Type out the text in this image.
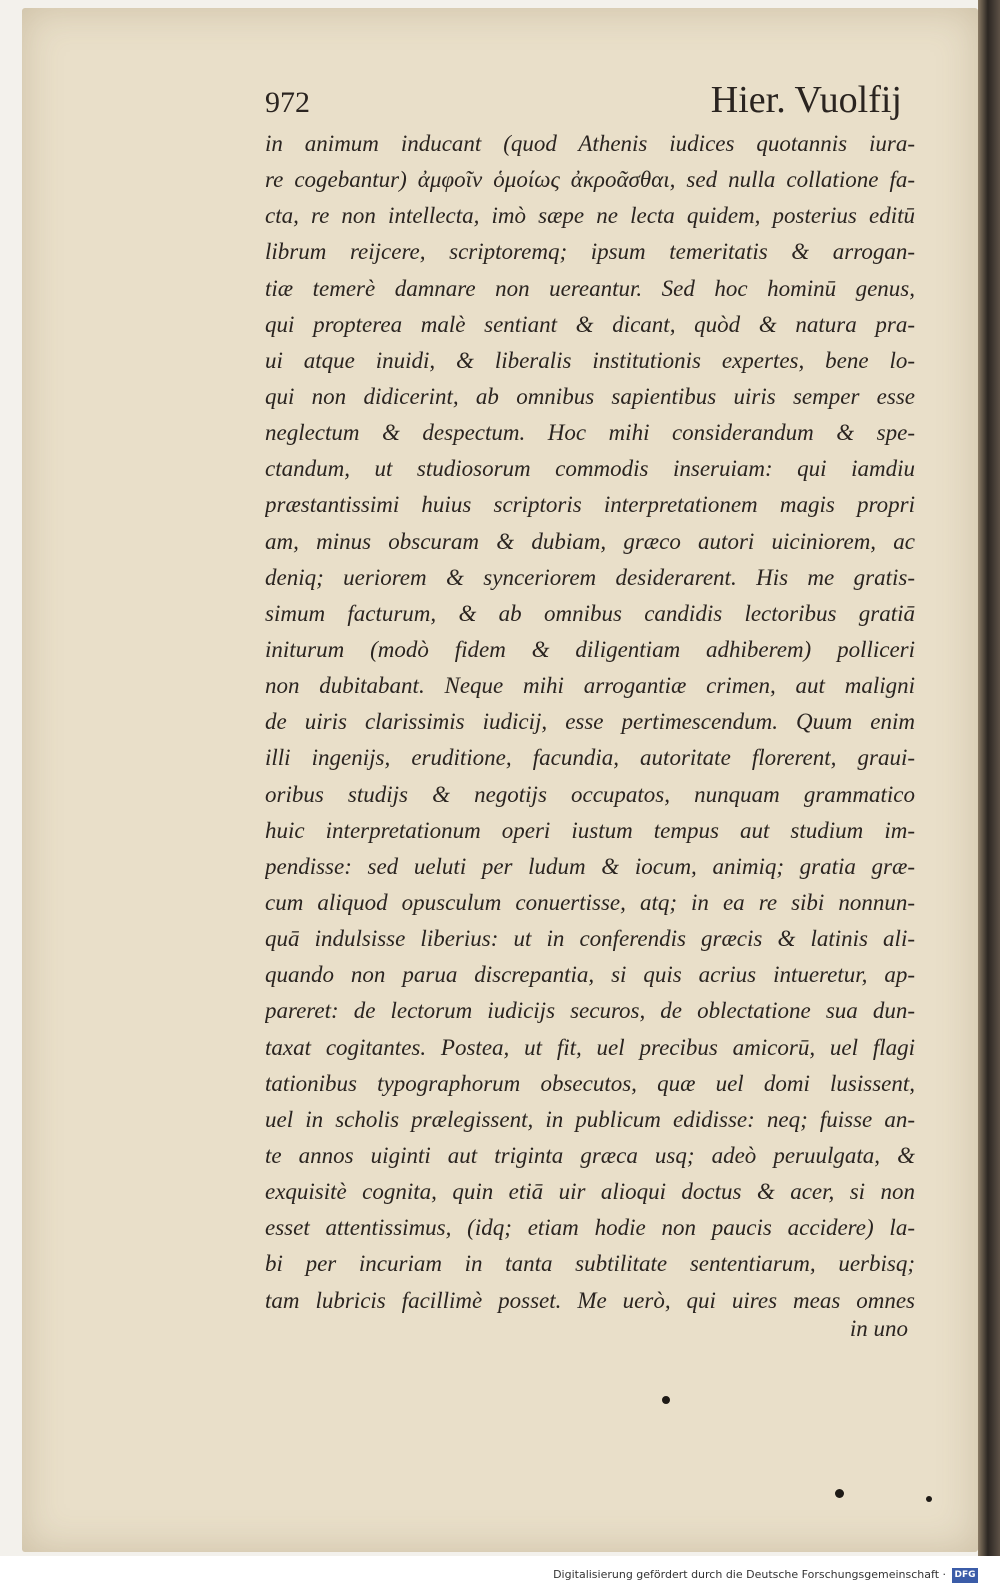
972	Hier. Vuolfij
in animum inducant (quod Athenis iudices quotannis iura-
re cogebantur) ἀμφοῖν ὁμοίως ἀκροᾶσθαι, sed nulla collatione fa-
cta, re non intellecta, imò sæpe ne lecta quidem, posterius editū
librum reijcere, scriptoremq; ipsum temeritatis & arrogan-
tiæ temerè damnare non uereantur. Sed hoc hominū genus,
qui propterea malè sentiant & dicant, quòd & natura pra-
ui atque inuidi, & liberalis institutionis expertes, bene lo-
qui non didicerint, ab omnibus sapientibus uiris semper esse
neglectum & despectum. Hoc mihi considerandum & spe-
ctandum, ut studiosorum commodis inseruiam: qui iamdiu
præstantissimi huius scriptoris interpretationem magis propri
am, minus obscuram & dubiam, græco autori uiciniorem, ac
deniq; ueriorem & synceriorem desiderarent. His me gratis-
simum facturum, & ab omnibus candidis lectoribus gratiā
initurum (modò fidem & diligentiam adhiberem) polliceri
non dubitabant. Neque mihi arrogantiæ crimen, aut maligni
de uiris clarissimis iudicij, esse pertimescendum. Quum enim
illi ingenijs, eruditione, facundia, autoritate florerent, graui-
oribus studijs & negotijs occupatos, nunquam grammatico
huic interpretationum operi iustum tempus aut studium im-
pendisse: sed ueluti per ludum & iocum, animiq; gratia græ-
cum aliquod opusculum conuertisse, atq; in ea re sibi nonnun-
quā indulsisse liberius: ut in conferendis græcis & latinis ali-
quando non parua discrepantia, si quis acrius intueretur, ap-
pareret: de lectorum iudicijs securos, de oblectatione sua dun-
taxat cogitantes. Postea, ut fit, uel precibus amicorū, uel flagi
tationibus typographorum obsecutos, quæ uel domi lusissent,
uel in scholis prælegissent, in publicum edidisse: neq; fuisse an-
te annos uiginti aut triginta græca usq; adeò peruulgata, &
exquisitè cognita, quin etiā uir alioqui doctus & acer, si non
esset attentissimus, (idq; etiam hodie non paucis accidere) la-
bi per incuriam in tanta subtilitate sententiarum, uerbisq;
tam lubricis facillimè posset. Me uerò, qui uires meas omnes
in uno
Digitalisierung gefördert durch die Deutsche Forschungsgemeinschaft · DFG
